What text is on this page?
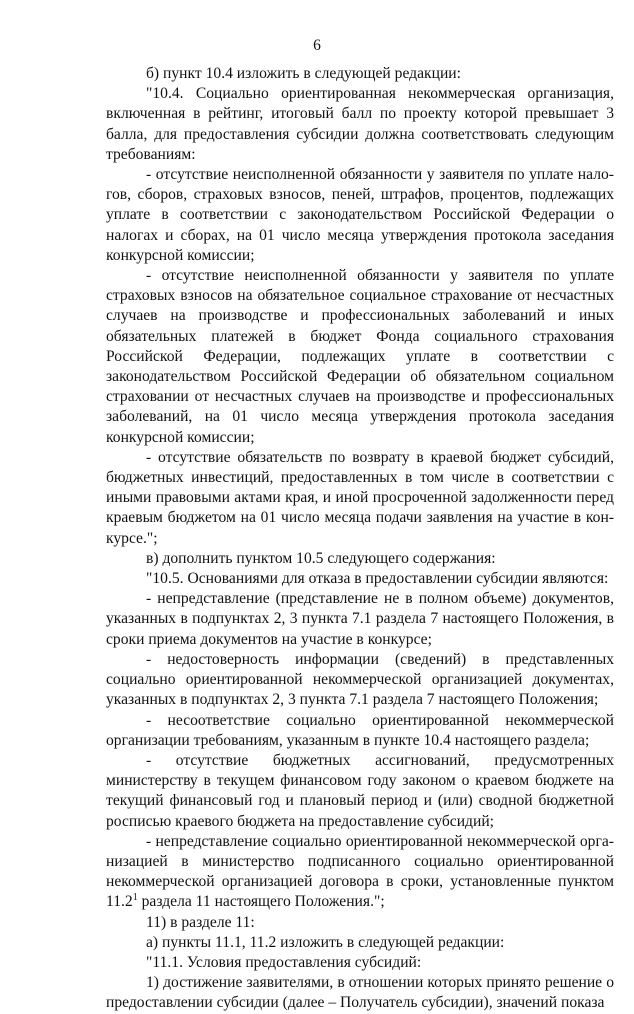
6

б) пункт 10.4 изложить в следующей редакции:

"10.4. Социально ориентированная некоммерческая организация, включенная в рейтинг, итоговый балл по проекту которой превышает 3 балла, для предоставления субсидии должна соответствовать следующим требованиям:

- отсутствие неисполненной обязанности у заявителя по уплате налогов, сборов, страховых взносов, пеней, штрафов, процентов, подлежащих уплате в соответствии с законодательством Российской Федерации о налогах и сборах, на 01 число месяца утверждения протокола заседания конкурсной комиссии;

- отсутствие неисполненной обязанности у заявителя по уплате страховых взносов на обязательное социальное страхование от несчастных случаев на производстве и профессиональных заболеваний и иных обязательных платежей в бюджет Фонда социального страхования Российской Федерации, подлежащих уплате в соответствии с законодательством Российской Федерации об обязательном социальном страховании от несчастных случаев на производстве и профессиональных заболеваний, на 01 число месяца утверждения протокола заседания конкурсной комиссии;

- отсутствие обязательств по возврату в краевой бюджет субсидий, бюджетных инвестиций, предоставленных в том числе в соответствии с иными правовыми актами края, и иной просроченной задолженности перед краевым бюджетом на 01 число месяца подачи заявления на участие в конкурсе.";

в) дополнить пунктом 10.5 следующего содержания:

"10.5. Основаниями для отказа в предоставлении субсидии являются:

- непредставление (представление не в полном объеме) документов, указанных в подпунктах 2, 3 пункта 7.1 раздела 7 настоящего Положения, в сроки приема документов на участие в конкурсе;

- недостоверность информации (сведений) в представленных социально ориентированной некоммерческой организацией документах, указанных в подпунктах 2, 3 пункта 7.1 раздела 7 настоящего Положения;

- несоответствие социально ориентированной некоммерческой организации требованиям, указанным в пункте 10.4 настоящего раздела;

- отсутствие бюджетных ассигнований, предусмотренных министерству в текущем финансовом году законом о краевом бюджете на текущий финансовый год и плановый период и (или) сводной бюджетной росписью краевого бюджета на предоставление субсидий;

- непредставление социально ориентированной некоммерческой организацией в министерство подписанного социально ориентированной некоммерческой организацией договора в сроки, установленные пунктом 11.2$^1$ раздела 11 настоящего Положения.";

11) в разделе 11:

а) пункты 11.1, 11.2 изложить в следующей редакции:

"11.1. Условия предоставления субсидий:

1) достижение заявителями, в отношении которых принято решение о предоставлении субсидии (далее – Получатель субсидии), значений показа
